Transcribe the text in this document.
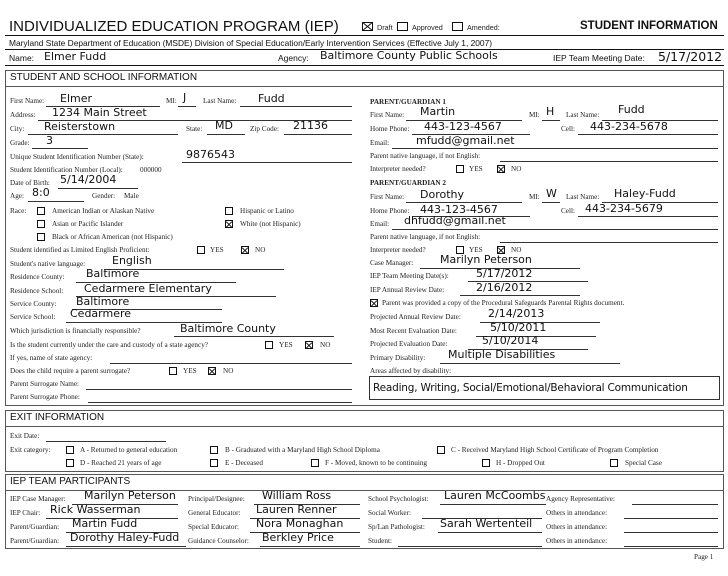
INDIVIDUALIZED EDUCATION PROGRAM (IEP)	Draft	Approved	Amended:	STUDENT INFORMATION
Maryland State Department of Education (MSDE) Division of Special Education/Early Intervention Services (Effective July 1, 2007)
Name: Elmer Fudd	Agency: Baltimore County Public Schools	IEP Team Meeting Date: 5/17/2012
STUDENT AND SCHOOL INFORMATION
First Name: Elmer	MI: J Last Name: Fudd
Address: 1234 Main Street
City: Reisterstown	State: MD Zip Code: 21136
Grade: 3
Unique Student Identification Number (State):	9876543
Student Identification Number (Local): 000000
Date of Birth: 5/14/2004
Age: 8:0	Gender: Male
Race:	American Indian or Alaskan Native
Asian or Pacific Islander
Black or African American (not Hispanic)
Hispanic or Latino
White (not Hispanic)
Student identified as Limited English Proficient:	YES	NO
Student's native language: English
Residence County: Baltimore
Residence School: Cedarmere Elementary
Service County: Baltimore
Service School: Cedarmere
Which jurisdiction is financially responsible?	Baltimore County
Is the student currently under the care and custody of a state agency?	YES	NO
If yes, name of state agency:
Does the child require a parent surrogate?	YES	NO
Parent Surrogate Name:
Parent Surrogate Phone:
PARENT/GUARDIAN 1
First Name: Martin	MI: H Last Name: Fudd
Home Phone: 443-123-4567	Cell: 443-234-5678
Email: mfudd@gmail.net
Parent native language, if not English:
Interpreter needed?	YES	NO
PARENT/GUARDIAN 2
First Name: Dorothy	MI: W Last Name: Haley-Fudd
Home Phone: 443-123-4567	Cell: 443-234-5679
Email: dhfudd@gmail.net
Parent native language, if not English:
Interpreter needed?	YES	NO
Case Manager: Marilyn Peterson
IEP Team Meeting Date(s): 5/17/2012
IEP Annual Review Date:	2/16/2012
Parent was provided a copy of the Procedural Safeguards Parental Rights document.
Projected Annual Review Date: 2/14/2013
Most Recent Evaluation Date:	5/10/2011
Projected Evaluation Date:	5/10/2014
Primary Disability: Multiple Disabilities
Areas affected by disability:
Reading, Writing, Social/Emotional/Behavioral Communication
EXIT INFORMATION
Exit Date:
Exit category:	A - Returned to general education	B - Graduated with a Maryland High School Diploma	C - Received Maryland High School Certificate of Program Completion
D - Reached 21 years of age	E - Deceased	F - Moved, known to be continuing	H - Dropped Out	Special Case
IEP TEAM PARTICIPANTS
IEP Case Manager: Marilyn Peterson Principal/Designee: William Ross	School Psychologist: Lauren McCoombs Agency Representative:
IEP Chair: Rick Wasserman	General Educator: Lauren Renner	Social Worker:	Others in attendance:
Parent/Guardian: Martin Fudd	Special Educator: Nora Monaghan	Sp/Lan Pathologist: Sarah Wertenteil Others in attendance:
Parent/Guardian: Dorothy Haley-Fudd Guidance Counselor: Berkley Price	Student:	Others in attendance:
Page 1
